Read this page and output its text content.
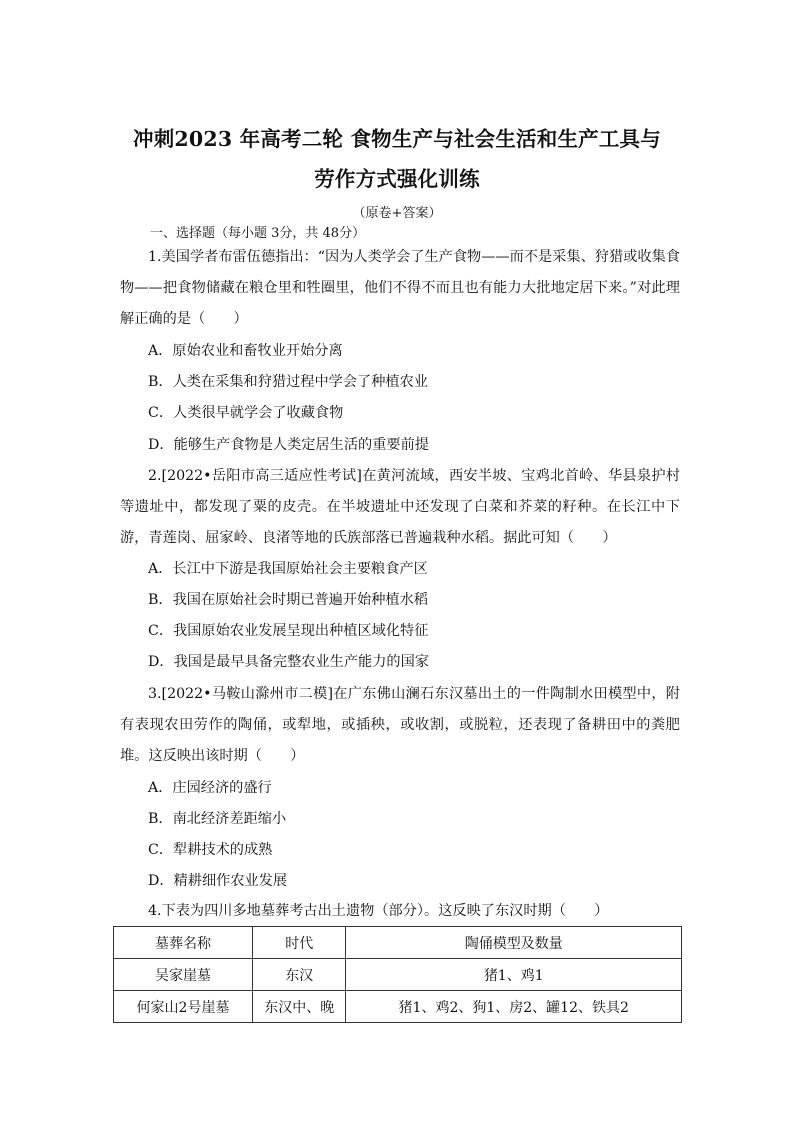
冲刺2023 年高考二轮 食物生产与社会生活和生产工具与
劳作方式强化训练
（原卷+答案）
一、选择题（每小题 3分，共 48分）

1.美国学者布雷伍德指出：“因为人类学会了生产食物——而不是采集、狩猎或收集食物——把食物储藏在粮仓里和牲圈里，他们不得不而且也有能力大批地定居下来。”对此理解正确的是（　　）

A．原始农业和畜牧业开始分离
B．人类在采集和狩猎过程中学会了种植农业
C．人类很早就学会了收藏食物
D．能够生产食物是人类定居生活的重要前提

2.[2022•岳阳市高三适应性考试]在黄河流域，西安半坡、宝鸡北首岭、华县泉护村等遗址中，都发现了粟的皮壳。在半坡遗址中还发现了白菜和芥菜的籽种。在长江中下游，青莲岗、屈家岭、良渚等地的氏族部落已普遍栽种水稻。据此可知（　　）

A．长江中下游是我国原始社会主要粮食产区
B．我国在原始社会时期已普遍开始种植水稻
C．我国原始农业发展呈现出种植区域化特征
D．我国是最早具备完整农业生产能力的国家

3.[2022•马鞍山滁州市二模]在广东佛山澜石东汉墓出土的一件陶制水田模型中，附有表现农田劳作的陶俑，或犁地，或插秧，或收割，或脱粒，还表现了备耕田中的粪肥堆。这反映出该时期（　　）

A．庄园经济的盛行
B．南北经济差距缩小
C．犁耕技术的成熟
D．精耕细作农业发展

4.下表为四川多地墓葬考古出土遗物（部分）。这反映了东汉时期（　　）

墓葬名称	时代	陶俑模型及数量
吴家崖墓	东汉	猪1、鸡1
何家山2号崖墓	东汉中、晚	猪1、鸡2、狗1、房2、罐12、铁具2
